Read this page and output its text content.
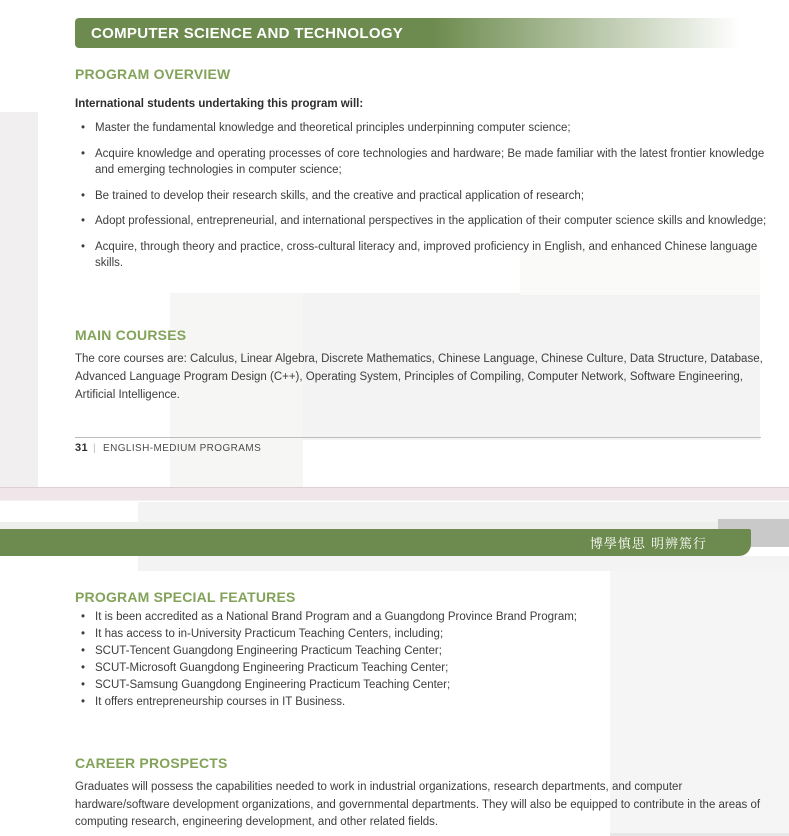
COMPUTER SCIENCE AND TECHNOLOGY
PROGRAM OVERVIEW
International students undertaking this program will:
• Master the fundamental knowledge and theoretical principles underpinning computer science;
• Acquire knowledge and operating processes of core technologies and hardware; Be made familiar with the latest frontier knowledge and emerging technologies in computer science;
• Be trained to develop their research skills, and the creative and practical application of research;
• Adopt professional, entrepreneurial, and international perspectives in the application of their computer science skills and knowledge;
• Acquire, through theory and practice, cross-cultural literacy and, improved proficiency in English, and enhanced Chinese language skills.
MAIN COURSES
The core courses are: Calculus, Linear Algebra, Discrete Mathematics, Chinese Language, Chinese Culture, Data Structure, Database, Advanced Language Program Design (C++), Operating System, Principles of Compiling, Computer Network, Software Engineering, Artificial Intelligence.
31 | ENGLISH-MEDIUM PROGRAMS
博學慎思 明辨篤行
PROGRAM SPECIAL FEATURES
• It is been accredited as a National Brand Program and a Guangdong Province Brand Program;
• It has access to in-University Practicum Teaching Centers, including;
• SCUT-Tencent Guangdong Engineering Practicum Teaching Center;
• SCUT-Microsoft Guangdong Engineering Practicum Teaching Center;
• SCUT-Samsung Guangdong Engineering Practicum Teaching Center;
• It offers entrepreneurship courses in IT Business.
CAREER PROSPECTS
Graduates will possess the capabilities needed to work in industrial organizations, research departments, and computer hardware/software development organizations, and governmental departments. They will also be equipped to contribute in the areas of computing research, engineering development, and other related fields.
